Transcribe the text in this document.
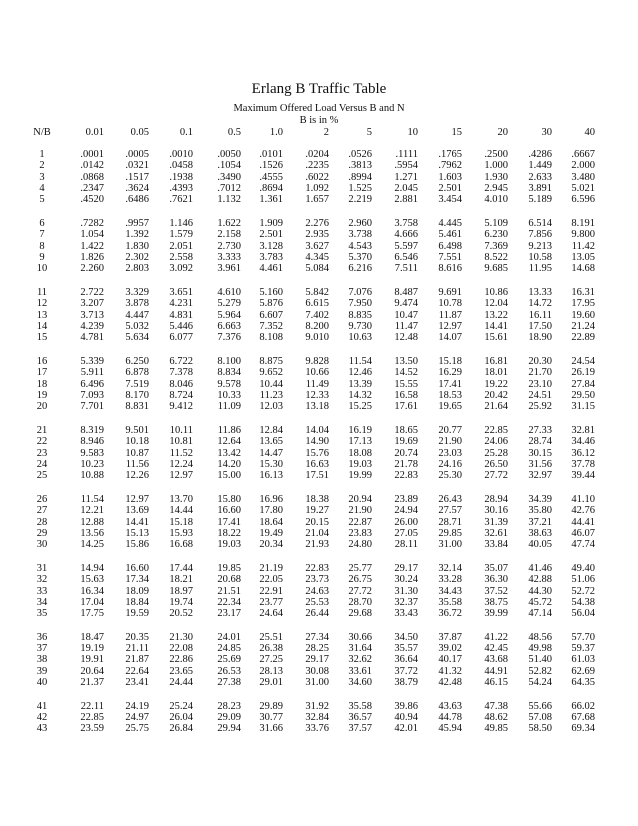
Erlang B Traffic Table
Maximum Offered Load Versus B and N
B is in %
N/B	0.01	0.05	0.1	0.5	1.0	2	5	10	15	20	30	40

1	.0001	.0005	.0010	.0050	.0101	.0204	.0526	.1111	.1765	.2500	.4286	.6667
2	.0142	.0321	.0458	.1054	.1526	.2235	.3813	.5954	.7962	1.000	1.449	2.000
3	.0868	.1517	.1938	.3490	.4555	.6022	.8994	1.271	1.603	1.930	2.633	3.480
4	.2347	.3624	.4393	.7012	.8694	1.092	1.525	2.045	2.501	2.945	3.891	5.021
5	.4520	.6486	.7621	1.132	1.361	1.657	2.219	2.881	3.454	4.010	5.189	6.596

6	.7282	.9957	1.146	1.622	1.909	2.276	2.960	3.758	4.445	5.109	6.514	8.191
7	1.054	1.392	1.579	2.158	2.501	2.935	3.738	4.666	5.461	6.230	7.856	9.800
8	1.422	1.830	2.051	2.730	3.128	3.627	4.543	5.597	6.498	7.369	9.213	11.42
9	1.826	2.302	2.558	3.333	3.783	4.345	5.370	6.546	7.551	8.522	10.58	13.05
10	2.260	2.803	3.092	3.961	4.461	5.084	6.216	7.511	8.616	9.685	11.95	14.68

11	2.722	3.329	3.651	4.610	5.160	5.842	7.076	8.487	9.691	10.86	13.33	16.31
12	3.207	3.878	4.231	5.279	5.876	6.615	7.950	9.474	10.78	12.04	14.72	17.95
13	3.713	4.447	4.831	5.964	6.607	7.402	8.835	10.47	11.87	13.22	16.11	19.60
14	4.239	5.032	5.446	6.663	7.352	8.200	9.730	11.47	12.97	14.41	17.50	21.24
15	4.781	5.634	6.077	7.376	8.108	9.010	10.63	12.48	14.07	15.61	18.90	22.89

16	5.339	6.250	6.722	8.100	8.875	9.828	11.54	13.50	15.18	16.81	20.30	24.54
17	5.911	6.878	7.378	8.834	9.652	10.66	12.46	14.52	16.29	18.01	21.70	26.19
18	6.496	7.519	8.046	9.578	10.44	11.49	13.39	15.55	17.41	19.22	23.10	27.84
19	7.093	8.170	8.724	10.33	11.23	12.33	14.32	16.58	18.53	20.42	24.51	29.50
20	7.701	8.831	9.412	11.09	12.03	13.18	15.25	17.61	19.65	21.64	25.92	31.15

21	8.319	9.501	10.11	11.86	12.84	14.04	16.19	18.65	20.77	22.85	27.33	32.81
22	8.946	10.18	10.81	12.64	13.65	14.90	17.13	19.69	21.90	24.06	28.74	34.46
23	9.583	10.87	11.52	13.42	14.47	15.76	18.08	20.74	23.03	25.28	30.15	36.12
24	10.23	11.56	12.24	14.20	15.30	16.63	19.03	21.78	24.16	26.50	31.56	37.78
25	10.88	12.26	12.97	15.00	16.13	17.51	19.99	22.83	25.30	27.72	32.97	39.44

26	11.54	12.97	13.70	15.80	16.96	18.38	20.94	23.89	26.43	28.94	34.39	41.10
27	12.21	13.69	14.44	16.60	17.80	19.27	21.90	24.94	27.57	30.16	35.80	42.76
28	12.88	14.41	15.18	17.41	18.64	20.15	22.87	26.00	28.71	31.39	37.21	44.41
29	13.56	15.13	15.93	18.22	19.49	21.04	23.83	27.05	29.85	32.61	38.63	46.07
30	14.25	15.86	16.68	19.03	20.34	21.93	24.80	28.11	31.00	33.84	40.05	47.74

31	14.94	16.60	17.44	19.85	21.19	22.83	25.77	29.17	32.14	35.07	41.46	49.40
32	15.63	17.34	18.21	20.68	22.05	23.73	26.75	30.24	33.28	36.30	42.88	51.06
33	16.34	18.09	18.97	21.51	22.91	24.63	27.72	31.30	34.43	37.52	44.30	52.72
34	17.04	18.84	19.74	22.34	23.77	25.53	28.70	32.37	35.58	38.75	45.72	54.38
35	17.75	19.59	20.52	23.17	24.64	26.44	29.68	33.43	36.72	39.99	47.14	56.04

36	18.47	20.35	21.30	24.01	25.51	27.34	30.66	34.50	37.87	41.22	48.56	57.70
37	19.19	21.11	22.08	24.85	26.38	28.25	31.64	35.57	39.02	42.45	49.98	59.37
38	19.91	21.87	22.86	25.69	27.25	29.17	32.62	36.64	40.17	43.68	51.40	61.03
39	20.64	22.64	23.65	26.53	28.13	30.08	33.61	37.72	41.32	44.91	52.82	62.69
40	21.37	23.41	24.44	27.38	29.01	31.00	34.60	38.79	42.48	46.15	54.24	64.35

41	22.11	24.19	25.24	28.23	29.89	31.92	35.58	39.86	43.63	47.38	55.66	66.02
42	22.85	24.97	26.04	29.09	30.77	32.84	36.57	40.94	44.78	48.62	57.08	67.68
43	23.59	25.75	26.84	29.94	31.66	33.76	37.57	42.01	45.94	49.85	58.50	69.34
